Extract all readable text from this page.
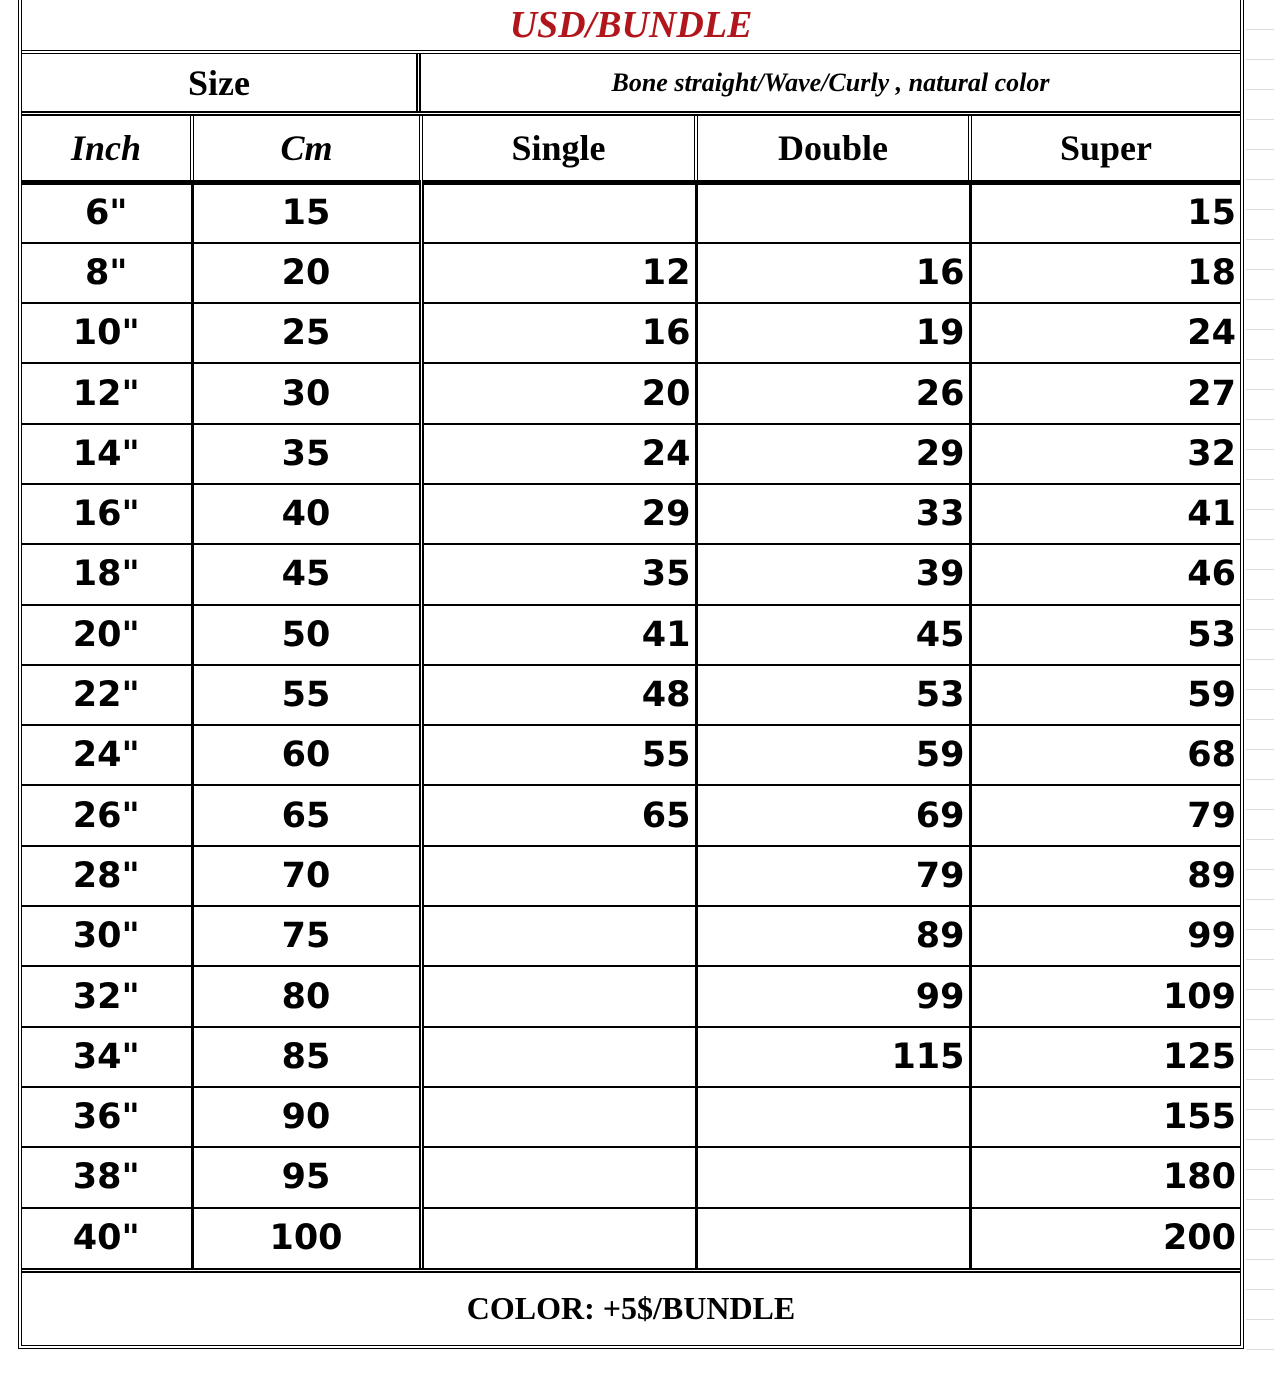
USD/BUNDLE
Size	Bone straight/Wave/Curly , natural color
Inch	Cm	Single	Double	Super
6"	15			15
8"	20	12	16	18
10"	25	16	19	24
12"	30	20	26	27
14"	35	24	29	32
16"	40	29	33	41
18"	45	35	39	46
20"	50	41	45	53
22"	55	48	53	59
24"	60	55	59	68
26"	65	65	69	79
28"	70		79	89
30"	75		89	99
32"	80		99	109
34"	85		115	125
36"	90			155
38"	95			180
40"	100			200
COLOR: +5$/BUNDLE
